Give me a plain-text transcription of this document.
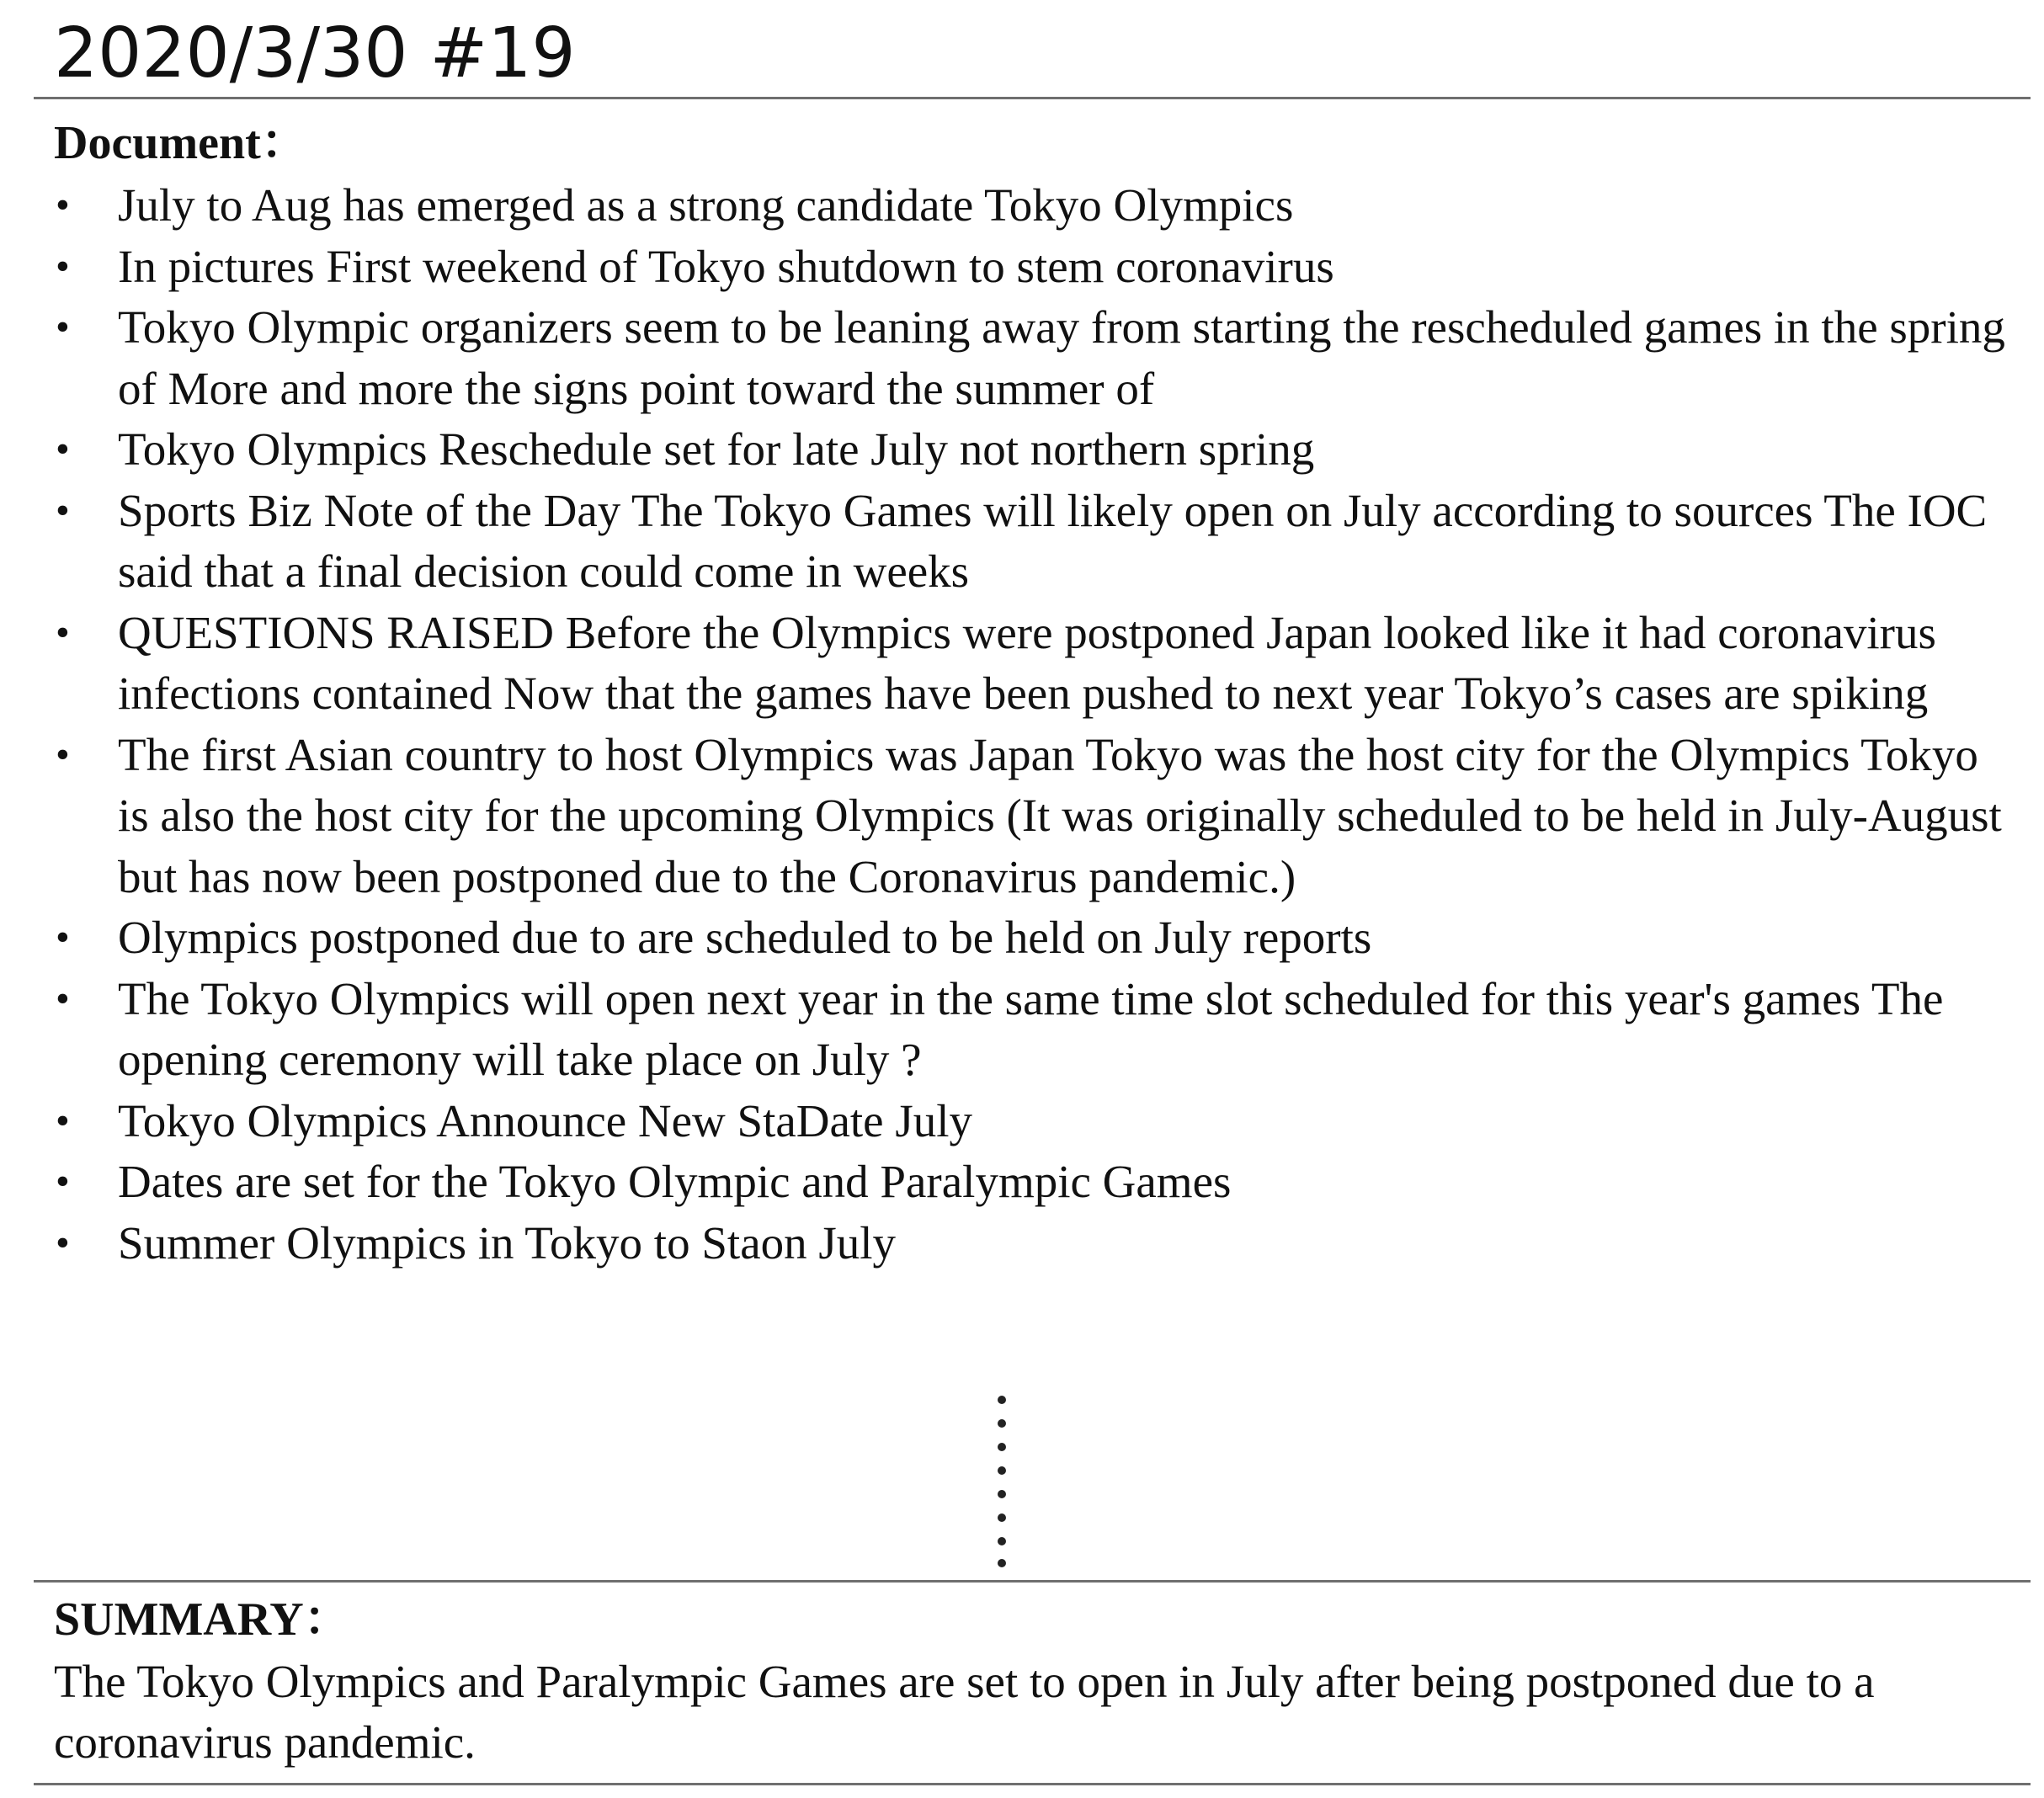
2020/3/30 #19
Document：
•	July to Aug has emerged as a strong candidate Tokyo Olympics
•	In pictures First weekend of Tokyo shutdown to stem coronavirus
•	Tokyo Olympic organizers seem to be leaning away from starting the rescheduled games in the spring of More and more the signs point toward the summer of
•	Tokyo Olympics Reschedule set for late July not northern spring
•	Sports Biz Note of the Day The Tokyo Games will likely open on July according to sources The IOC said that a final decision could come in weeks
•	QUESTIONS RAISED Before the Olympics were postponed Japan looked like it had coronavirus infections contained Now that the games have been pushed to next year Tokyo’s cases are spiking
•	The first Asian country to host Olympics was Japan Tokyo was the host city for the Olympics Tokyo is also the host city for the upcoming Olympics (It was originally scheduled to be held in July-August but has now been postponed due to the Coronavirus pandemic.)
•	Olympics postponed due to are scheduled to be held on July reports
•	The Tokyo Olympics will open next year in the same time slot scheduled for this year's games The opening ceremony will take place on July ?
•	Tokyo Olympics Announce New StaDate July
•	Dates are set for the Tokyo Olympic and Paralympic Games
•	Summer Olympics in Tokyo to Staon July
SUMMARY：

The Tokyo Olympics and Paralympic Games are set to open in July after being postponed due to a coronavirus pandemic.
